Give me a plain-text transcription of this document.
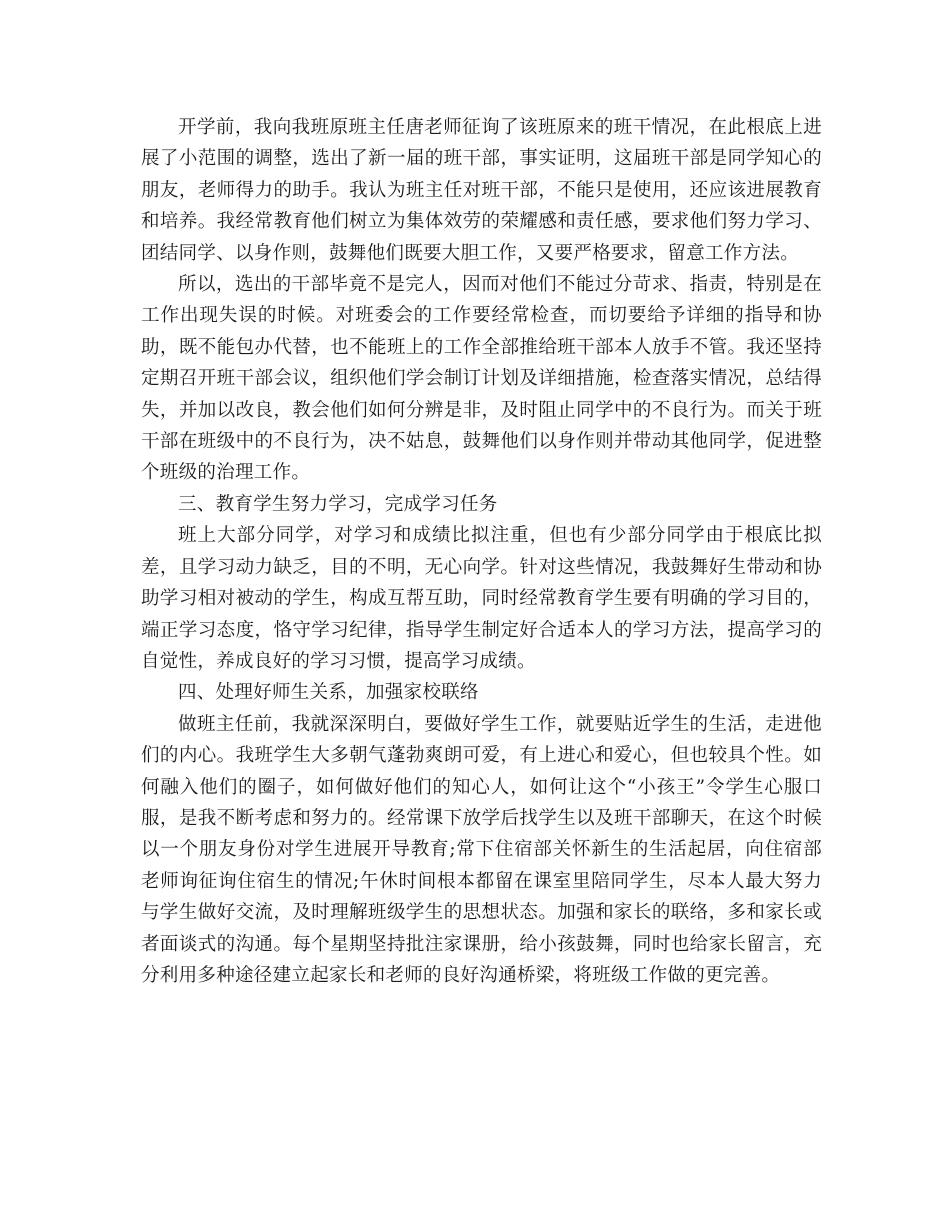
开学前，我向我班原班主任唐老师征询了该班原来的班干情况，在此根底上进展了小范围的调整，选出了新一届的班干部，事实证明，这届班干部是同学知心的朋友，老师得力的助手。我认为班主任对班干部，不能只是使用，还应该进展教育和培养。我经常教育他们树立为集体效劳的荣耀感和责任感，要求他们努力学习、团结同学、以身作则，鼓舞他们既要大胆工作，又要严格要求，留意工作方法。

所以，选出的干部毕竟不是完人，因而对他们不能过分苛求、指责，特别是在工作出现失误的时候。对班委会的工作要经常检查，而切要给予详细的指导和协助，既不能包办代替，也不能班上的工作全部推给班干部本人放手不管。我还坚持定期召开班干部会议，组织他们学会制订计划及详细措施，检查落实情况，总结得失，并加以改良，教会他们如何分辨是非，及时阻止同学中的不良行为。而关于班干部在班级中的不良行为，决不姑息，鼓舞他们以身作则并带动其他同学，促进整个班级的治理工作。

三、教育学生努力学习，完成学习任务

班上大部分同学，对学习和成绩比拟注重，但也有少部分同学由于根底比拟差，且学习动力缺乏，目的不明，无心向学。针对这些情况，我鼓舞好生带动和协助学习相对被动的学生，构成互帮互助，同时经常教育学生要有明确的学习目的，端正学习态度，恪守学习纪律，指导学生制定好合适本人的学习方法，提高学习的自觉性，养成良好的学习习惯，提高学习成绩。

四、处理好师生关系，加强家校联络

做班主任前，我就深深明白，要做好学生工作，就要贴近学生的生活，走进他们的内心。我班学生大多朝气蓬勃爽朗可爱，有上进心和爱心，但也较具个性。如何融入他们的圈子，如何做好他们的知心人，如何让这个“小孩王”令学生心服口服，是我不断考虑和努力的。经常课下放学后找学生以及班干部聊天，在这个时候以一个朋友身份对学生进展开导教育;常下住宿部关怀新生的生活起居，向住宿部老师询征询住宿生的情况;午休时间根本都留在课室里陪同学生，尽本人最大努力与学生做好交流，及时理解班级学生的思想状态。加强和家长的联络，多和家长或者面谈式的沟通。每个星期坚持批注家课册，给小孩鼓舞，同时也给家长留言，充分利用多种途径建立起家长和老师的良好沟通桥梁，将班级工作做的更完善。
